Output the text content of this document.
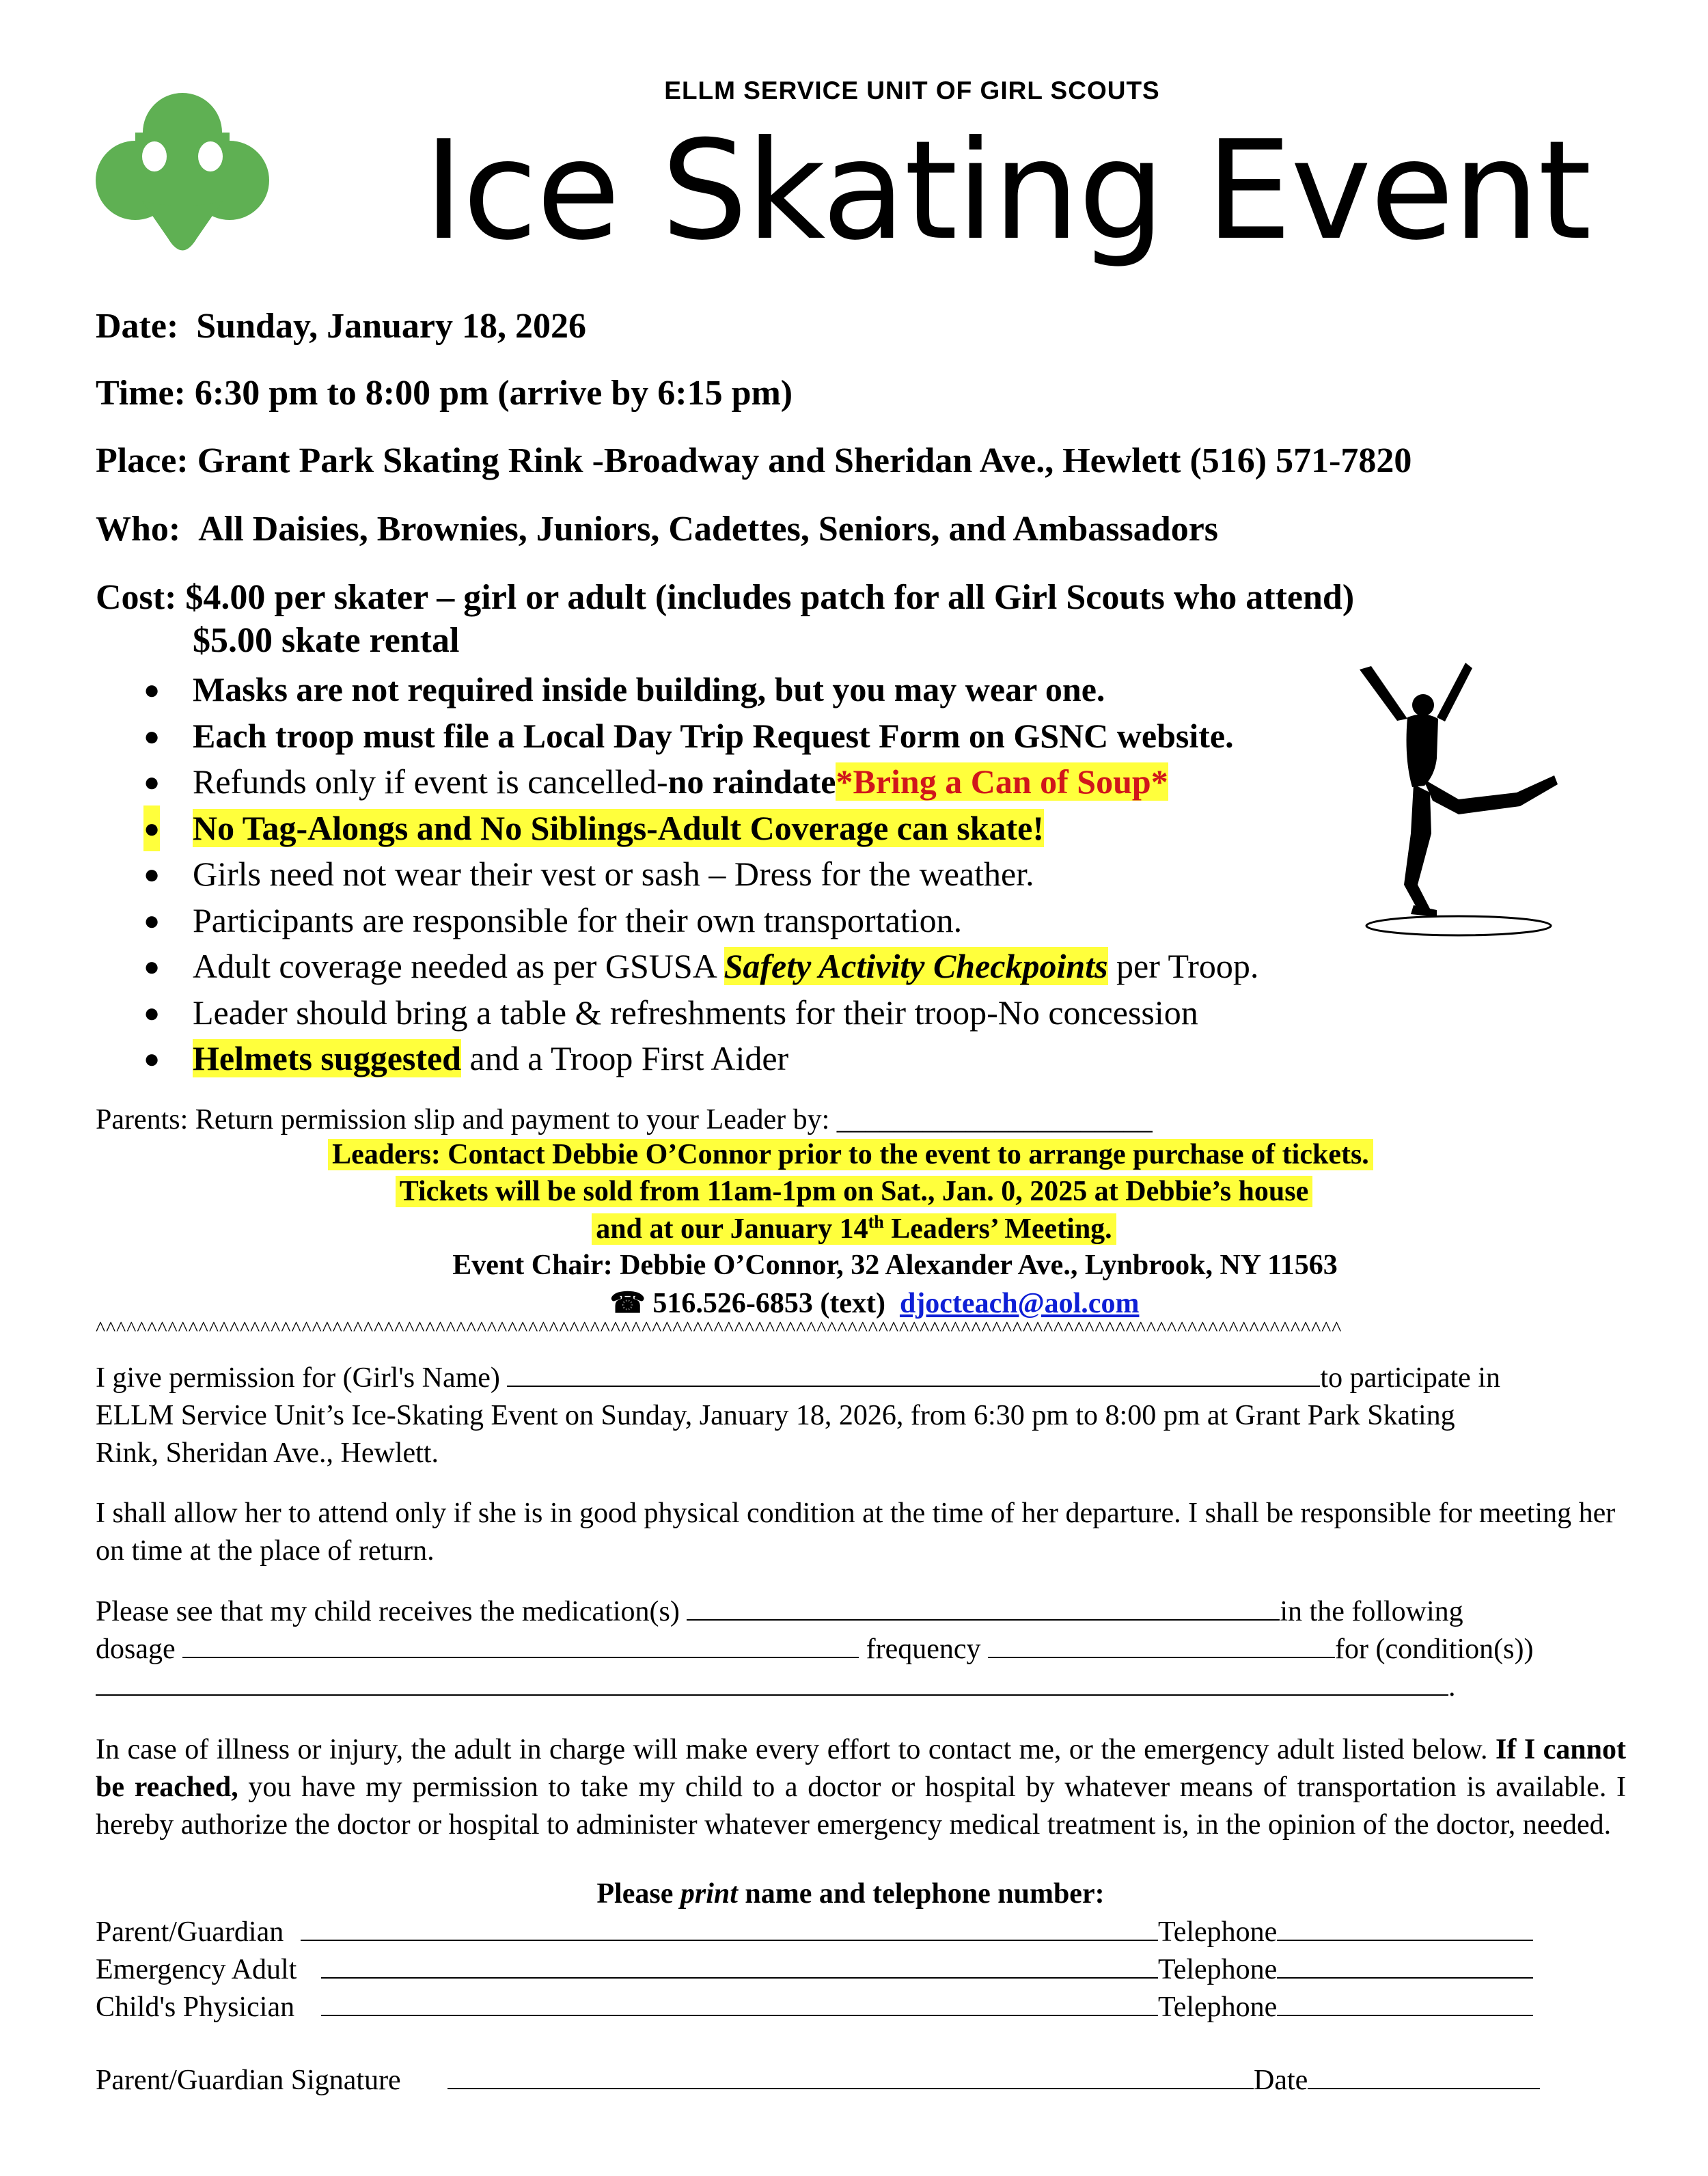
ELLM SERVICE UNIT OF GIRL SCOUTS
Ice Skating Event
Date: Sunday, January 18, 2026
Time: 6:30 pm to 8:00 pm (arrive by 6:15 pm)
Place: Grant Park Skating Rink -Broadway and Sheridan Ave., Hewlett (516) 571-7820
Who: All Daisies, Brownies, Juniors, Cadettes, Seniors, and Ambassadors
Cost: $4.00 per skater – girl or adult (includes patch for all Girl Scouts who attend)
$5.00 skate rental
● Masks are not required inside building, but you may wear one.
● Each troop must file a Local Day Trip Request Form on GSNC website.
● Refunds only if event is cancelled-no raindate*Bring a Can of Soup*
● No Tag-Alongs and No Siblings-Adult Coverage can skate!
● Girls need not wear their vest or sash – Dress for the weather.
● Participants are responsible for their own transportation.
● Adult coverage needed as per GSUSA Safety Activity Checkpoints per Troop.
● Leader should bring a table & refreshments for their troop-No concession
● Helmets suggested and a Troop First Aider
Parents: Return permission slip and payment to your Leader by: ______________________
Leaders: Contact Debbie O’Connor prior to the event to arrange purchase of tickets.
Tickets will be sold from 11am-1pm on Sat., Jan. 0, 2025 at Debbie’s house
and at our January 14th Leaders’ Meeting.
Event Chair: Debbie O’Connor, 32 Alexander Ave., Lynbrook, NY 11563
☎ 516.526-6853 (text) djocteach@aol.com
^^^^^^^^^^^^^^^^^^^^^^^^^^^^^^^^^^^^^^^^^^^^^^^^^^^^^^^^^^^^^^^^^^^^^^^^^^^^^^^^^^^^^^^^^^^^^^^^^^^^^^^^^^^^^^^^^^^^^^^^^
I give permission for (Girl's Name)	to participate in
ELLM Service Unit’s Ice-Skating Event on Sunday, January 18, 2026, from 6:30 pm to 8:00 pm at Grant Park Skating
Rink, Sheridan Ave., Hewlett.
I shall allow her to attend only if she is in good physical condition at the time of her departure. I shall be responsible for meeting her on time at the place of return.
Please see that my child receives the medication(s)	in the following
dosage	frequency	for (condition(s))
.
In case of illness or injury, the adult in charge will make every effort to contact me, or the emergency adult listed below. If I cannot be reached, you have my permission to take my child to a doctor or hospital by whatever means of transportation is available. I hereby authorize the doctor or hospital to administer whatever emergency medical treatment is, in the opinion of the doctor, needed.
Please print name and telephone number:
Parent/Guardian	Telephone
Emergency Adult	Telephone
Child's Physician	Telephone
Parent/Guardian Signature	Date
